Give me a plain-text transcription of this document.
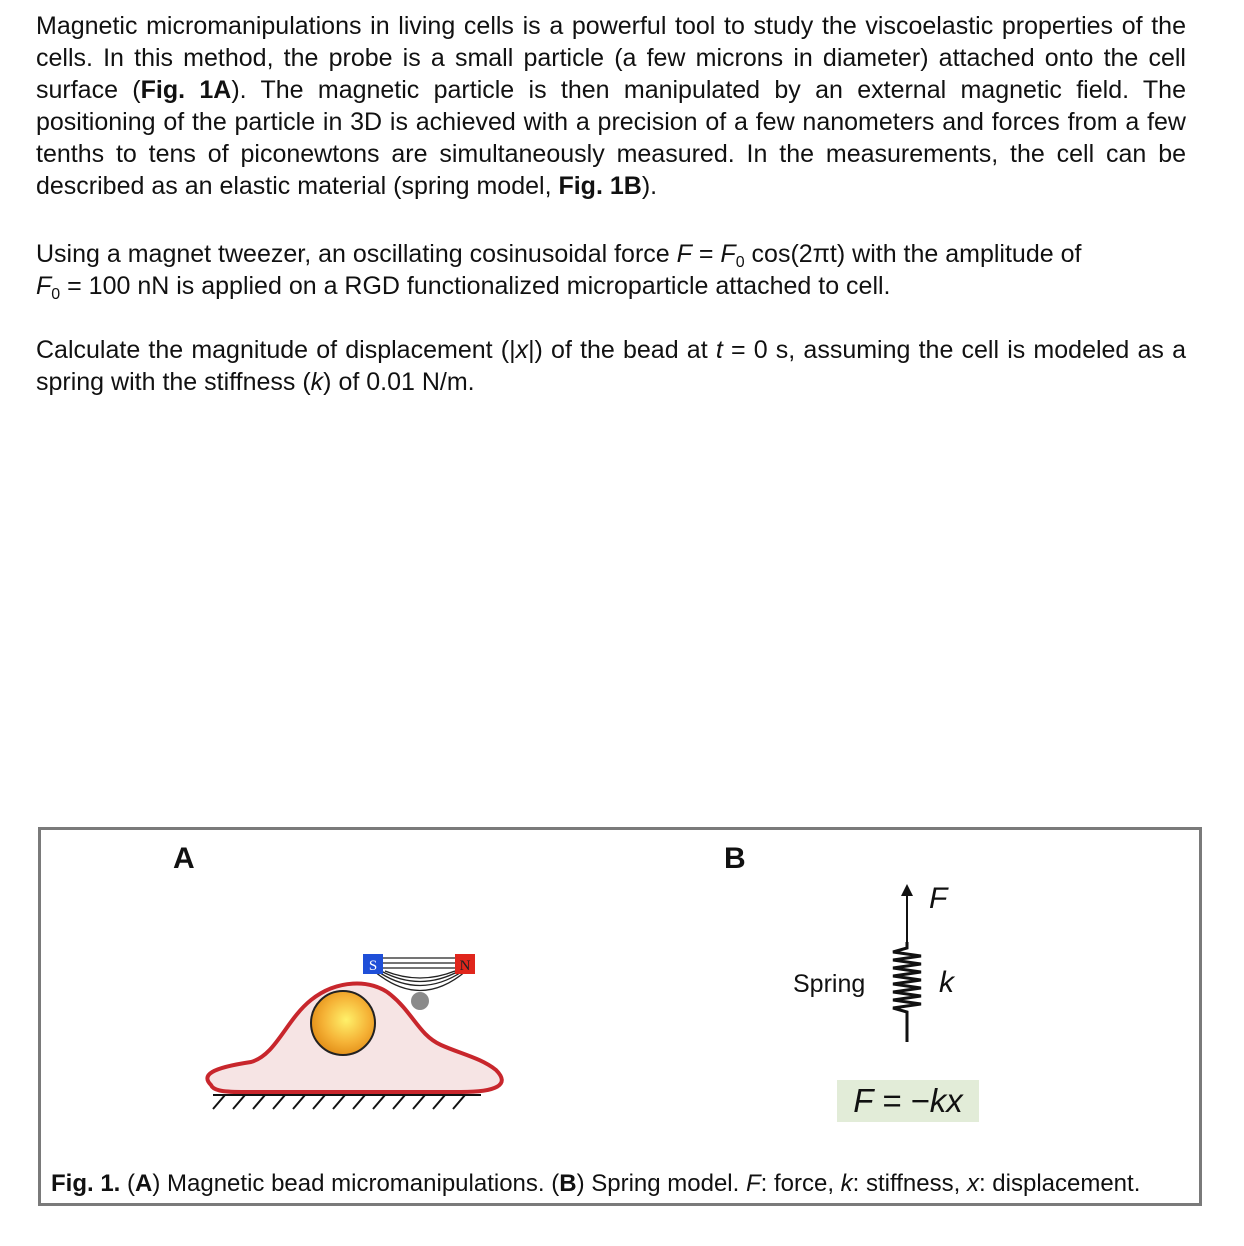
Magnetic micromanipulations in living cells is a powerful tool to study the viscoelastic properties of the cells. In this method, the probe is a small particle (a few microns in diameter) attached onto the cell surface (Fig. 1A). The magnetic particle is then manipulated by an external magnetic field. The positioning of the particle in 3D is achieved with a precision of a few nanometers and forces from a few tenths to tens of piconewtons are simultaneously measured. In the measurements, the cell can be described as an elastic material (spring model, Fig. 1B).
Using a magnet tweezer, an oscillating cosinusoidal force $F = F_0$ cos(2πt) with the amplitude of
$F_0 = 100$ nN is applied on a RGD functionalized microparticle attached to cell.
Calculate the magnitude of displacement (|x|) of the bead at t = 0 s, assuming the cell is modeled as a spring with the stiffness (k) of 0.01 N/m.
S	N
A	B
F
Spring k
F = −kx
Fig. 1. (A) Magnetic bead micromanipulations. (B) Spring model. F: force, k: stiffness, x: displacement.
